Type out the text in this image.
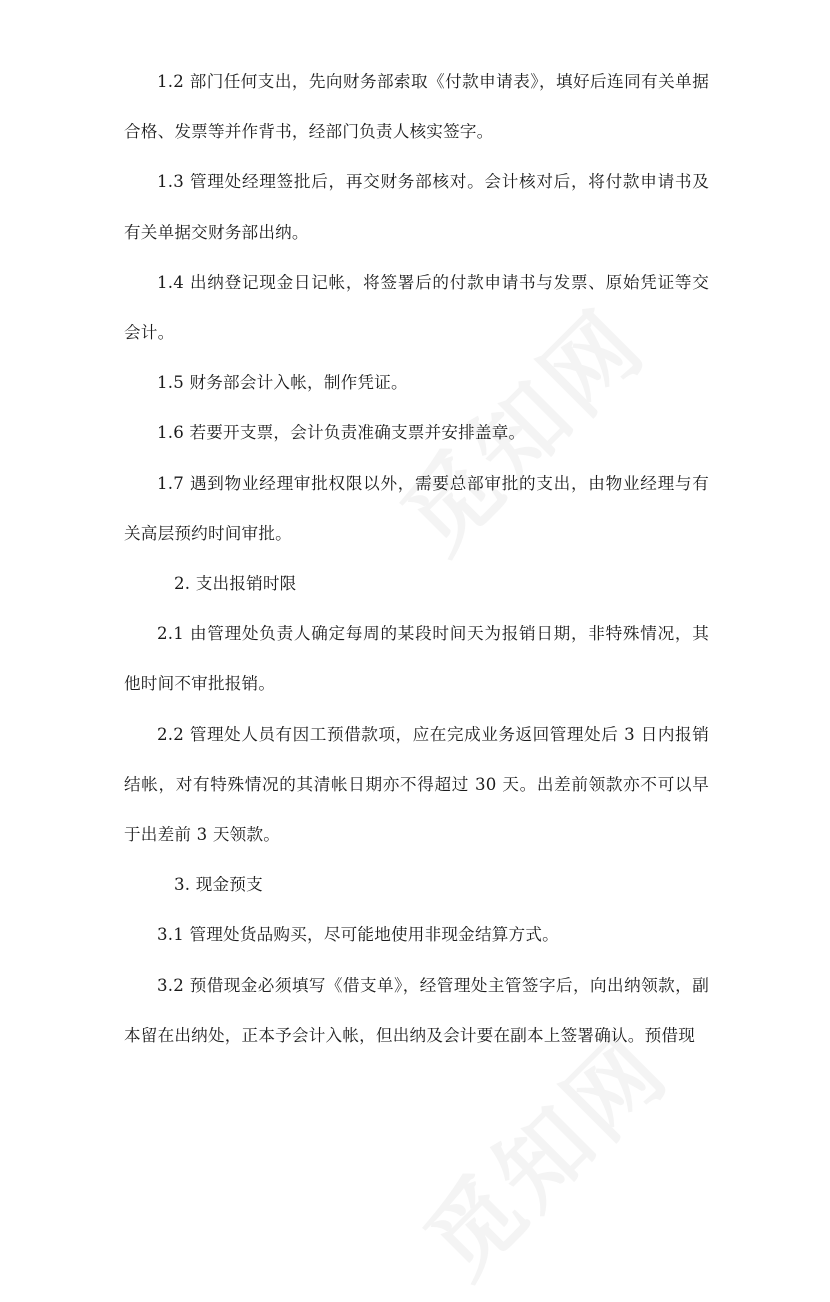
1.2 部门任何支出，先向财务部索取《付款申请表》，填好后连同有关单据合格、发票等并作背书，经部门负责人核实签字。

1.3 管理处经理签批后，再交财务部核对。会计核对后，将付款申请书及有关单据交财务部出纳。

1.4 出纳登记现金日记帐，将签署后的付款申请书与发票、原始凭证等交会计。

1.5 财务部会计入帐，制作凭证。

1.6 若要开支票，会计负责准确支票并安排盖章。

1.7 遇到物业经理审批权限以外，需要总部审批的支出，由物业经理与有关高层预约时间审批。

2. 支出报销时限

2.1 由管理处负责人确定每周的某段时间天为报销日期，非特殊情况，其他时间不审批报销。

2.2 管理处人员有因工预借款项，应在完成业务返回管理处后 3 日内报销结帐，对有特殊情况的其清帐日期亦不得超过 30 天。出差前领款亦不可以早于出差前 3 天领款。

3. 现金预支

3.1 管理处货品购买，尽可能地使用非现金结算方式。

3.2 预借现金必须填写《借支单》，经管理处主管签字后，向出纳领款，副本留在出纳处，正本予会计入帐，但出纳及会计要在副本上签署确认。预借现
